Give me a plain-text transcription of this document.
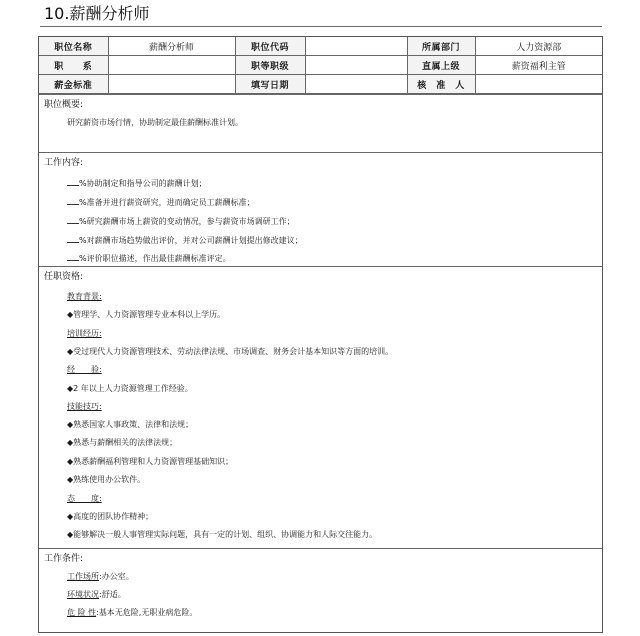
10.薪酬分析师
职位名称	薪酬分析师	职位代码		所属部门	人力资源部
职　　系		职等职级		直属上级	薪资福利主管
薪金标准		填写日期		核　准　人	
职位概要:
研究薪资市场行情，协助制定最佳薪酬标准计划。
工作内容:
%协助制定和指导公司的薪酬计划；
%准备并进行薪资研究，进而确定员工薪酬标准；
%研究薪酬市场上薪资的变动情况，参与薪资市场调研工作；
%对薪酬市场趋势做出评价，并对公司薪酬计划提出修改建议；
%评价职位描述，作出最佳薪酬标准评定。
任职资格:
教育背景:
◆管理学、人力资源管理专业本科以上学历。
培训经历:
◆受过现代人力资源管理技术、劳动法律法规、市场调查、财务会计基本知识等方面的培训。
经　　验:
◆2 年以上人力资源管理工作经验。
技能技巧:
◆熟悉国家人事政策、法律和法规；
◆熟悉与薪酬相关的法律法规；
◆熟悉薪酬福利管理和人力资源管理基础知识；
◆熟练使用办公软件。
态　　度:
◆高度的团队协作精神；
◆能够解决一般人事管理实际问题，具有一定的计划、组织、协调能力和人际交往能力。
工作条件:
工作场所:办公室。
环境状况:舒适。
危 险 性:基本无危险,无职业病危险。
